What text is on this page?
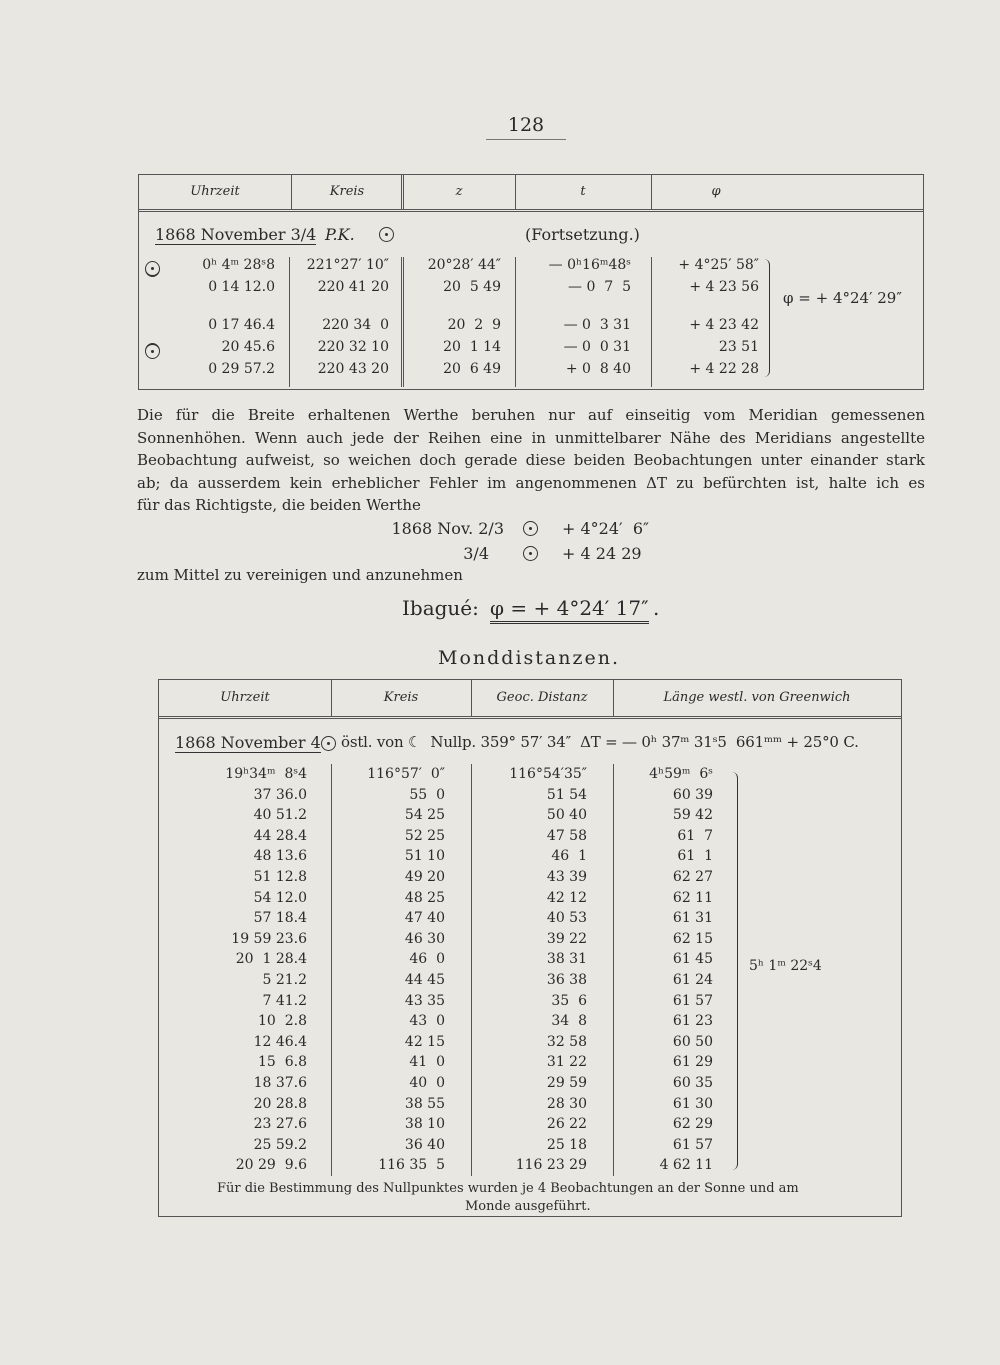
128
Uhrzeit	Kreis	z	t	φ
1868 November 3/4 P.K.	(Fortsetzung.)
0ʰ 4ᵐ 28ˢ8	221°27′ 10″	20°28′ 44″	— 0ʰ16ᵐ48ˢ	+ 4°25′ 58″
0 14 12.0	220 41 20	20  5 49	— 0  7  5	+ 4 23 56
0 17 46.4	220 34  0	20  2  9	— 0  3 31	+ 4 23 42
20 45.6	220 32 10	20  1 14	— 0  0 31	23 51
0 29 57.2	220 43 20	20  6 49	+ 0  8 40	+ 4 22 28
φ = + 4°24′ 29″
Die für die Breite erhaltenen Werthe beruhen nur auf einseitig vom Meridian gemessenen
Sonnenhöhen. Wenn auch jede der Reihen eine in unmittelbarer Nähe des Meridians angestellte
Beobachtung aufweist, so weichen doch gerade diese beiden Beobachtungen unter einander stark
ab; da ausserdem kein erheblicher Fehler im angenommenen ΔT zu befürchten ist, halte ich es
für das Richtigste, die beiden Werthe
1868 Nov. 2/3	+ 4°24′  6″
3/4	+ 4 24 29
zum Mittel zu vereinigen und anzunehmen
Ibagué: φ = + 4°24′ 17″ .
Monddistanzen.
Uhrzeit	Kreis	Geoc. Distanz	Länge westl. von Greenwich
1868 November 4 östl. von ☾  Nullp. 359° 57′ 34″  ΔT = — 0ʰ 37ᵐ 31ˢ5  661ᵐᵐ + 25°0 C.
19ʰ34ᵐ  8ˢ4	116°57′  0″	116°54′35″	4ʰ59ᵐ  6ˢ
37 36.0	55  0	51 54	60 39
40 51.2	54 25	50 40	59 42
44 28.4	52 25	47 58	61  7
48 13.6	51 10	46  1	61  1
51 12.8	49 20	43 39	62 27
54 12.0	48 25	42 12	62 11
57 18.4	47 40	40 53	61 31
19 59 23.6	46 30	39 22	62 15
20  1 28.4	46  0	38 31	61 45
5 21.2	44 45	36 38	61 24
7 41.2	43 35	35  6	61 57
10  2.8	43  0	34  8	61 23
12 46.4	42 15	32 58	60 50
15  6.8	41  0	31 22	61 29
18 37.6	40  0	29 59	60 35
20 28.8	38 55	28 30	61 30
23 27.6	38 10	26 22	62 29
25 59.2	36 40	25 18	61 57
20 29  9.6	116 35  5	116 23 29	4 62 11
5ʰ 1ᵐ 22ˢ4
Für die Bestimmung des Nullpunktes wurden je 4 Beobachtungen an der Sonne und am
Monde ausgeführt.
